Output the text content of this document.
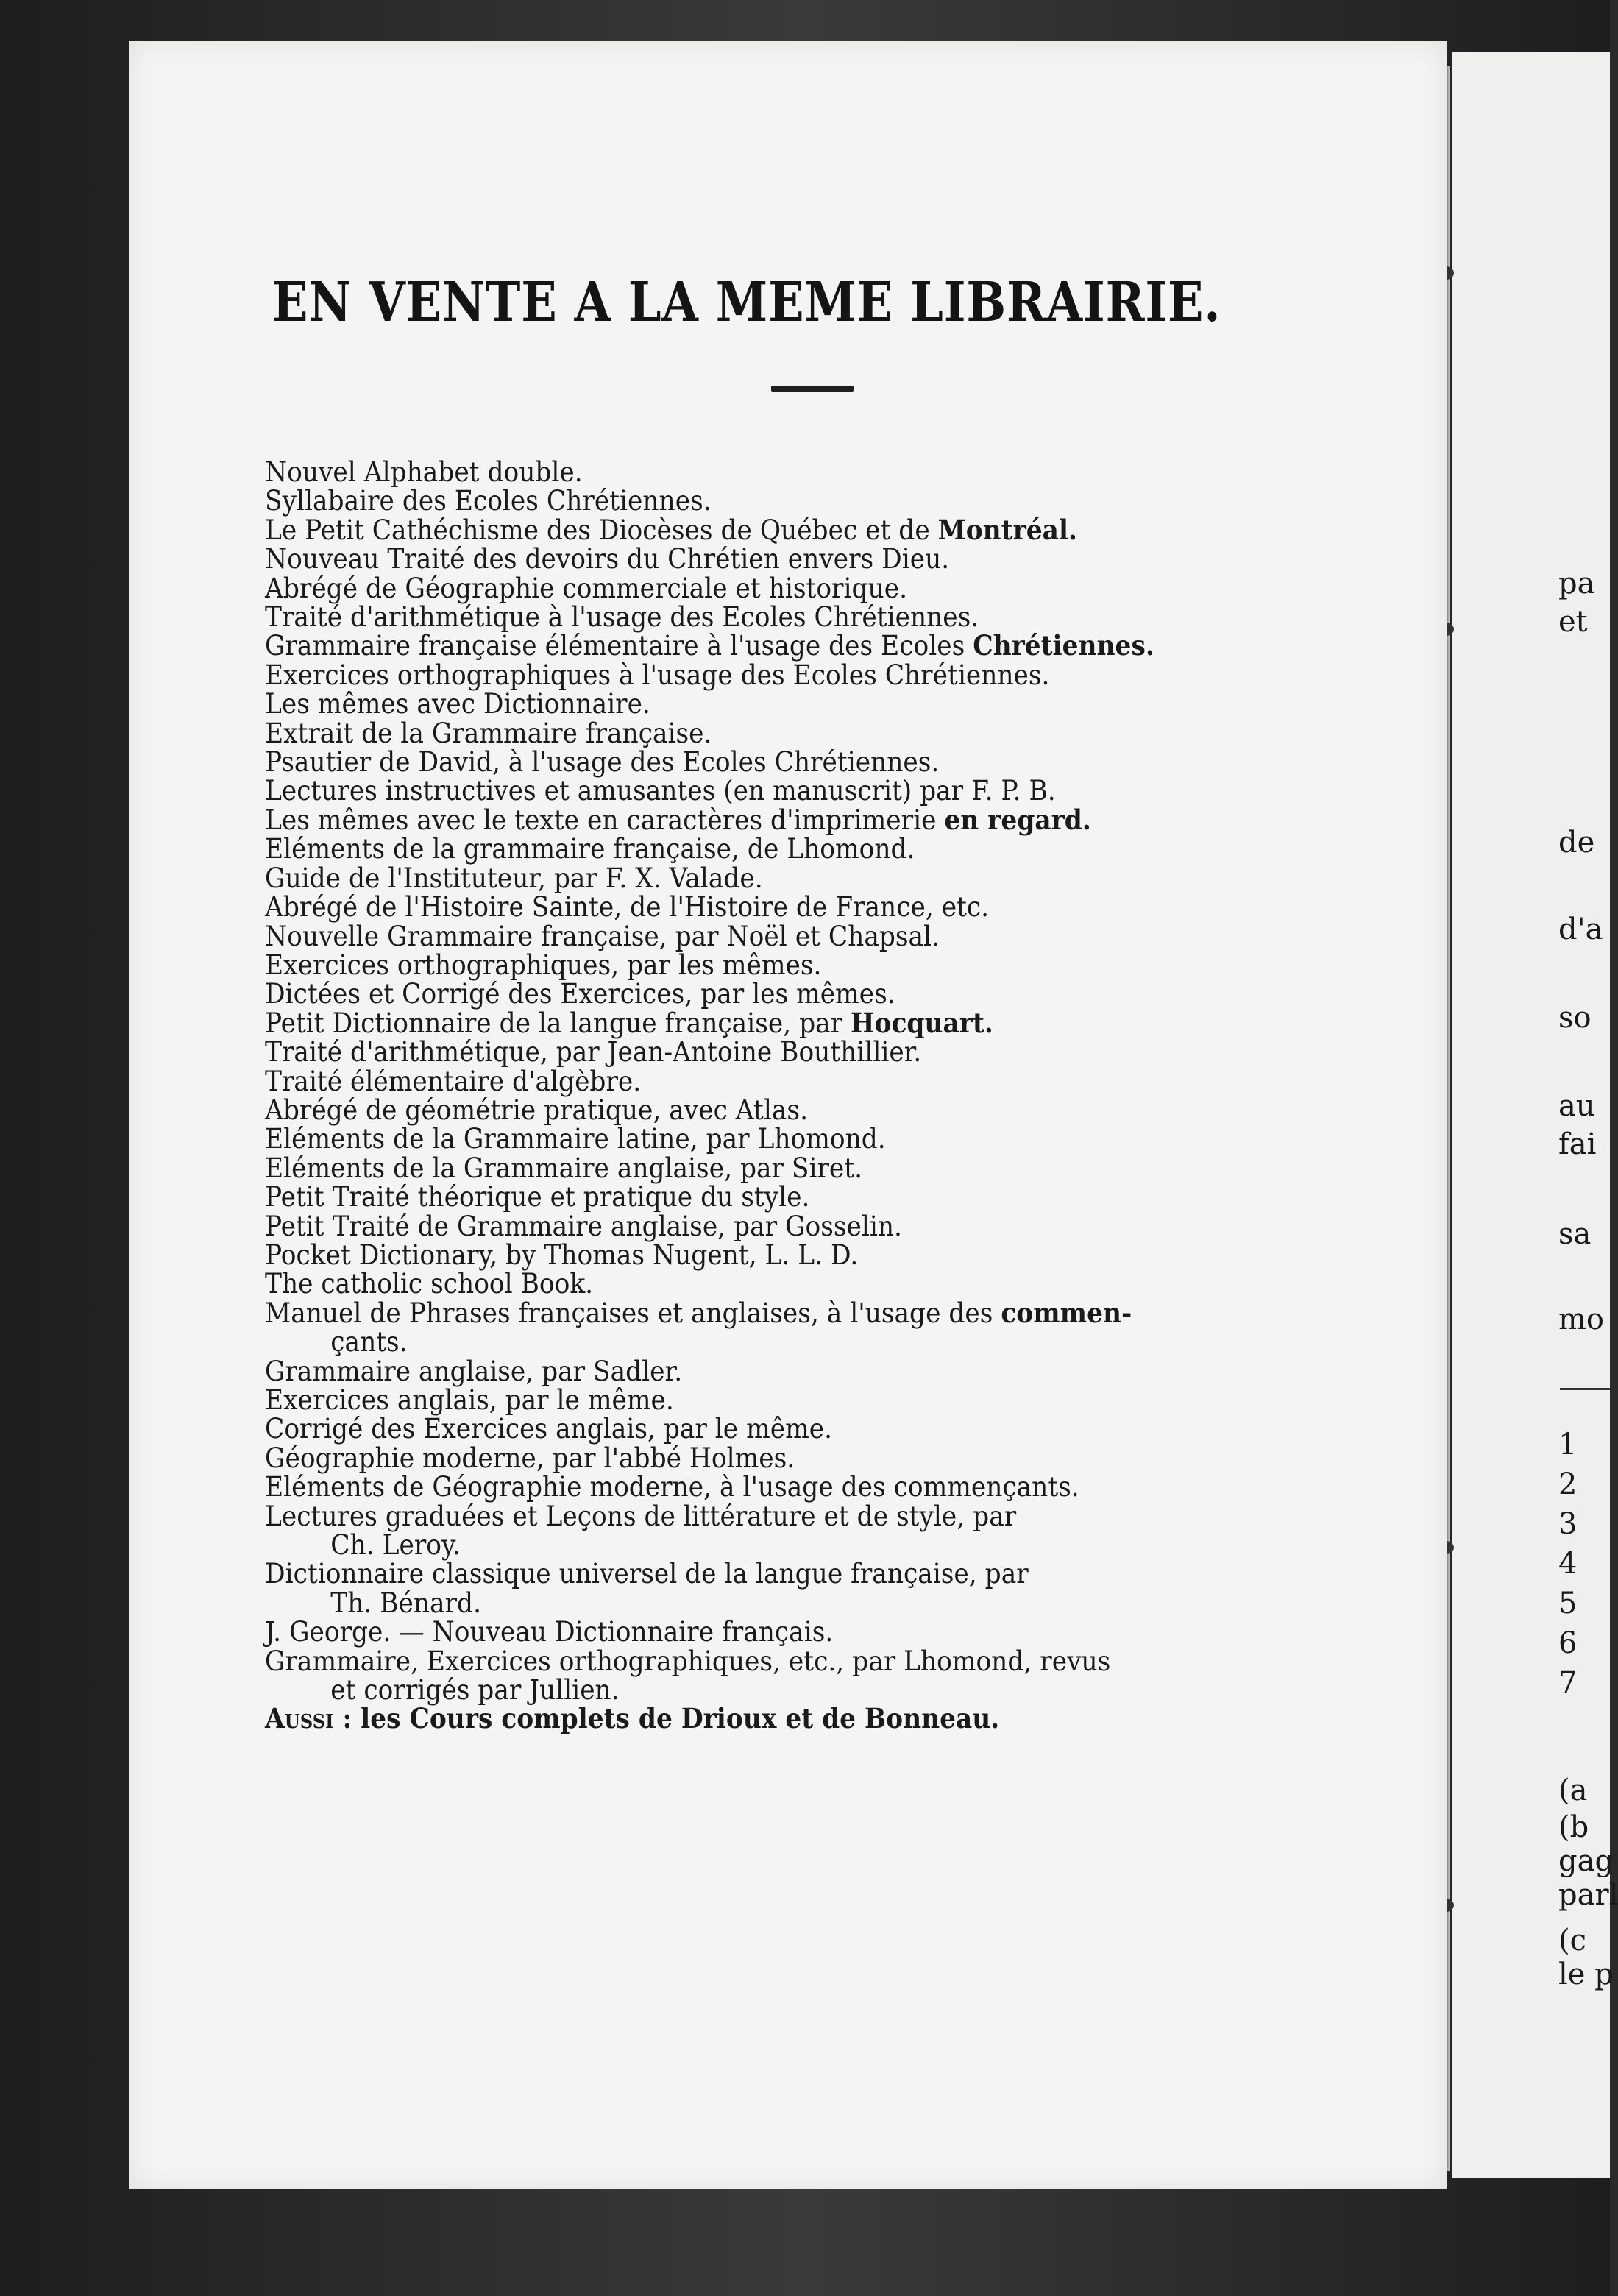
EN VENTE A LA MEME LIBRAIRIE.
Nouvel Alphabet double.
Syllabaire des Ecoles Chrétiennes.
Le Petit Cathéchisme des Diocèses de Québec et de Montréal.
Nouveau Traité des devoirs du Chrétien envers Dieu.
Abrégé de Géographie commerciale et historique.
Traité d'arithmétique à l'usage des Ecoles Chrétiennes.
Grammaire française élémentaire à l'usage des Ecoles Chrétiennes.
Exercices orthographiques à l'usage des Ecoles Chrétiennes.
Les mêmes avec Dictionnaire.
Extrait de la Grammaire française.
Psautier de David, à l'usage des Ecoles Chrétiennes.
Lectures instructives et amusantes (en manuscrit) par F. P. B.
Les mêmes avec le texte en caractères d'imprimerie en regard.
Eléments de la grammaire française, de Lhomond.
Guide de l'Instituteur, par F. X. Valade.
Abrégé de l'Histoire Sainte, de l'Histoire de France, etc.
Nouvelle Grammaire française, par Noël et Chapsal.
Exercices orthographiques, par les mêmes.
Dictées et Corrigé des Exercices, par les mêmes.
Petit Dictionnaire de la langue française, par Hocquart.
Traité d'arithmétique, par Jean-Antoine Bouthillier.
Traité élémentaire d'algèbre.
Abrégé de géométrie pratique, avec Atlas.
Eléments de la Grammaire latine, par Lhomond.
Eléments de la Grammaire anglaise, par Siret.
Petit Traité théorique et pratique du style.
Petit Traité de Grammaire anglaise, par Gosselin.
Pocket Dictionary, by Thomas Nugent, L. L. D.
The catholic school Book.
Manuel de Phrases françaises et anglaises, à l'usage des commen-
çants.
Grammaire anglaise, par Sadler.
Exercices anglais, par le même.
Corrigé des Exercices anglais, par le même.
Géographie moderne, par l'abbé Holmes.
Eléments de Géographie moderne, à l'usage des commençants.
Lectures graduées et Leçons de littérature et de style, par
Ch. Leroy.
Dictionnaire classique universel de la langue française, par
Th. Bénard.
J. George. — Nouveau Dictionnaire français.
Grammaire, Exercices orthographiques, etc., par Lhomond, revus
et corrigés par Jullien.
Aussi : les Cours complets de Drioux et de Bonneau.
pa
et
de
d'a
so
au
fai
sa
mo
1
2
3
4
5
6
7
(a
(b
gag
parl
(c
le p
